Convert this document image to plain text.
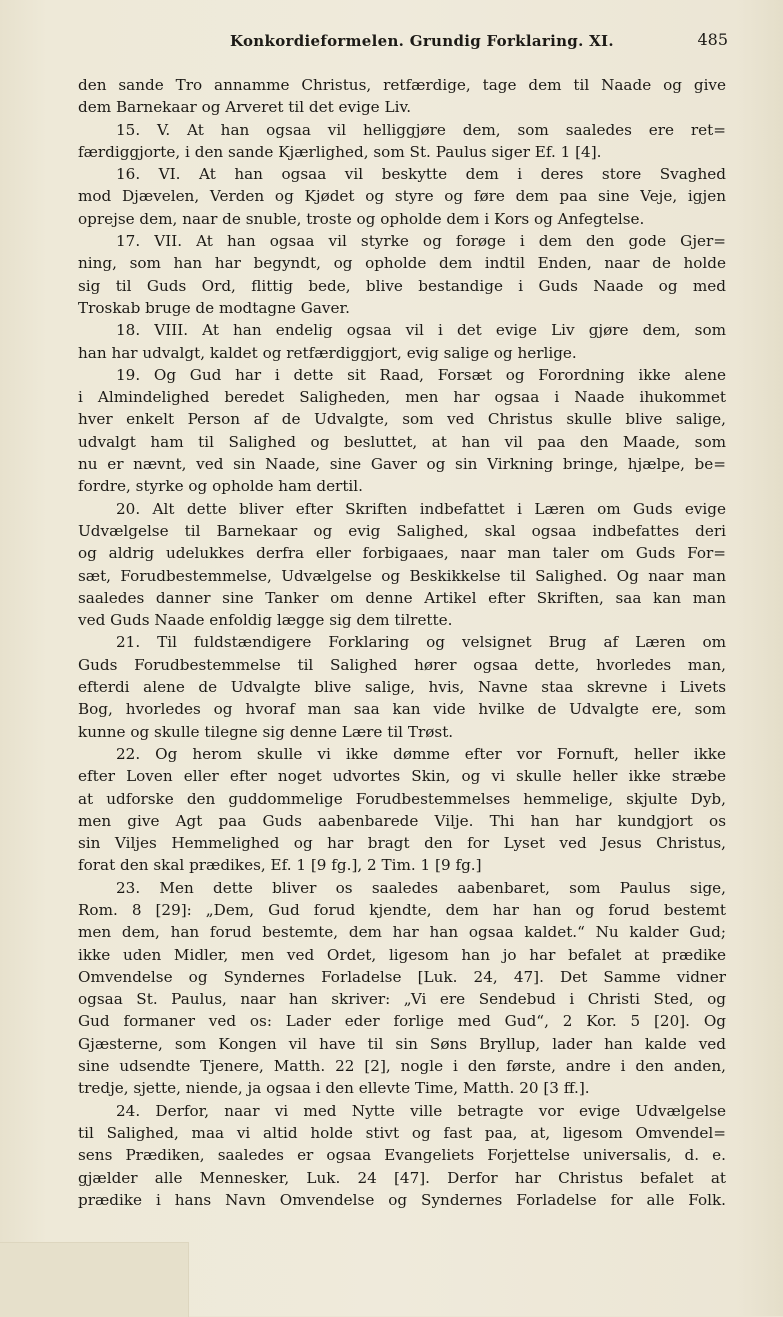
Konkordieformelen. Grundig Forklaring. XI.	485
den sande Tro annamme Christus, retfærdige, tage dem til Naade og give
dem Barnekaar og Arveret til det evige Liv.
15. V. At han ogsaa vil helliggjøre dem, som saaledes ere ret=
færdiggjorte, i den sande Kjærlighed, som St. Paulus siger Ef. 1 [4].
16. VI. At han ogsaa vil beskytte dem i deres store Svaghed
mod Djævelen, Verden og Kjødet og styre og føre dem paa sine Veje, igjen
oprejse dem, naar de snuble, troste og opholde dem i Kors og Anfegtelse.
17. VII. At han ogsaa vil styrke og forøge i dem den gode Gjer=
ning, som han har begyndt, og opholde dem indtil Enden, naar de holde
sig til Guds Ord, flittig bede, blive bestandige i Guds Naade og med
Troskab bruge de modtagne Gaver.
18. VIII. At han endelig ogsaa vil i det evige Liv gjøre dem, som
han har udvalgt, kaldet og retfærdiggjort, evig salige og herlige.
19. Og Gud har i dette sit Raad, Forsæt og Forordning ikke alene
i Almindelighed beredet Saligheden, men har ogsaa i Naade ihukommet
hver enkelt Person af de Udvalgte, som ved Christus skulle blive salige,
udvalgt ham til Salighed og besluttet, at han vil paa den Maade, som
nu er nævnt, ved sin Naade, sine Gaver og sin Virkning bringe, hjælpe, be=
fordre, styrke og opholde ham dertil.
20. Alt dette bliver efter Skriften indbefattet i Læren om Guds evige
Udvælgelse til Barnekaar og evig Salighed, skal ogsaa indbefattes deri
og aldrig udelukkes derfra eller forbigaaes, naar man taler om Guds For=
sæt, Forudbestemmelse, Udvælgelse og Beskikkelse til Salighed. Og naar man
saaledes danner sine Tanker om denne Artikel efter Skriften, saa kan man
ved Guds Naade enfoldig lægge sig dem tilrette.
21. Til fuldstændigere Forklaring og velsignet Brug af Læren om
Guds Forudbestemmelse til Salighed hører ogsaa dette, hvorledes man,
efterdi alene de Udvalgte blive salige, hvis, Navne staa skrevne i Livets
Bog, hvorledes og hvoraf man saa kan vide hvilke de Udvalgte ere, som
kunne og skulle tilegne sig denne Lære til Trøst.
22. Og herom skulle vi ikke dømme efter vor Fornuft, heller ikke
efter Loven eller efter noget udvortes Skin, og vi skulle heller ikke stræbe
at udforske den guddommelige Forudbestemmelses hemmelige, skjulte Dyb,
men give Agt paa Guds aabenbarede Vilje. Thi han har kundgjort os
sin Viljes Hemmelighed og har bragt den for Lyset ved Jesus Christus,
forat den skal prædikes, Ef. 1 [9 fg.], 2 Tim. 1 [9 fg.]
23. Men dette bliver os saaledes aabenbaret, som Paulus sige,
Rom. 8 [29]: „Dem, Gud forud kjendte, dem har han og forud bestemt
men dem, han forud bestemte, dem har han ogsaa kaldet.“ Nu kalder Gud;
ikke uden Midler, men ved Ordet, ligesom han jo har befalet at prædike
Omvendelse og Syndernes Forladelse [Luk. 24, 47]. Det Samme vidner
ogsaa St. Paulus, naar han skriver: „Vi ere Sendebud i Christi Sted, og
Gud formaner ved os: Lader eder forlige med Gud“, 2 Kor. 5 [20]. Og
Gjæsterne, som Kongen vil have til sin Søns Bryllup, lader han kalde ved
sine udsendte Tjenere, Matth. 22 [2], nogle i den første, andre i den anden,
tredje, sjette, niende, ja ogsaa i den ellevte Time, Matth. 20 [3 ff.].
24. Derfor, naar vi med Nytte ville betragte vor evige Udvælgelse
til Salighed, maa vi altid holde stivt og fast paa, at, ligesom Omvendel=
sens Prædiken, saaledes er ogsaa Evangeliets Forjettelse universalis, d. e.
gjælder alle Mennesker, Luk. 24 [47]. Derfor har Christus befalet at
prædike i hans Navn Omvendelse og Syndernes Forladelse for alle Folk.
